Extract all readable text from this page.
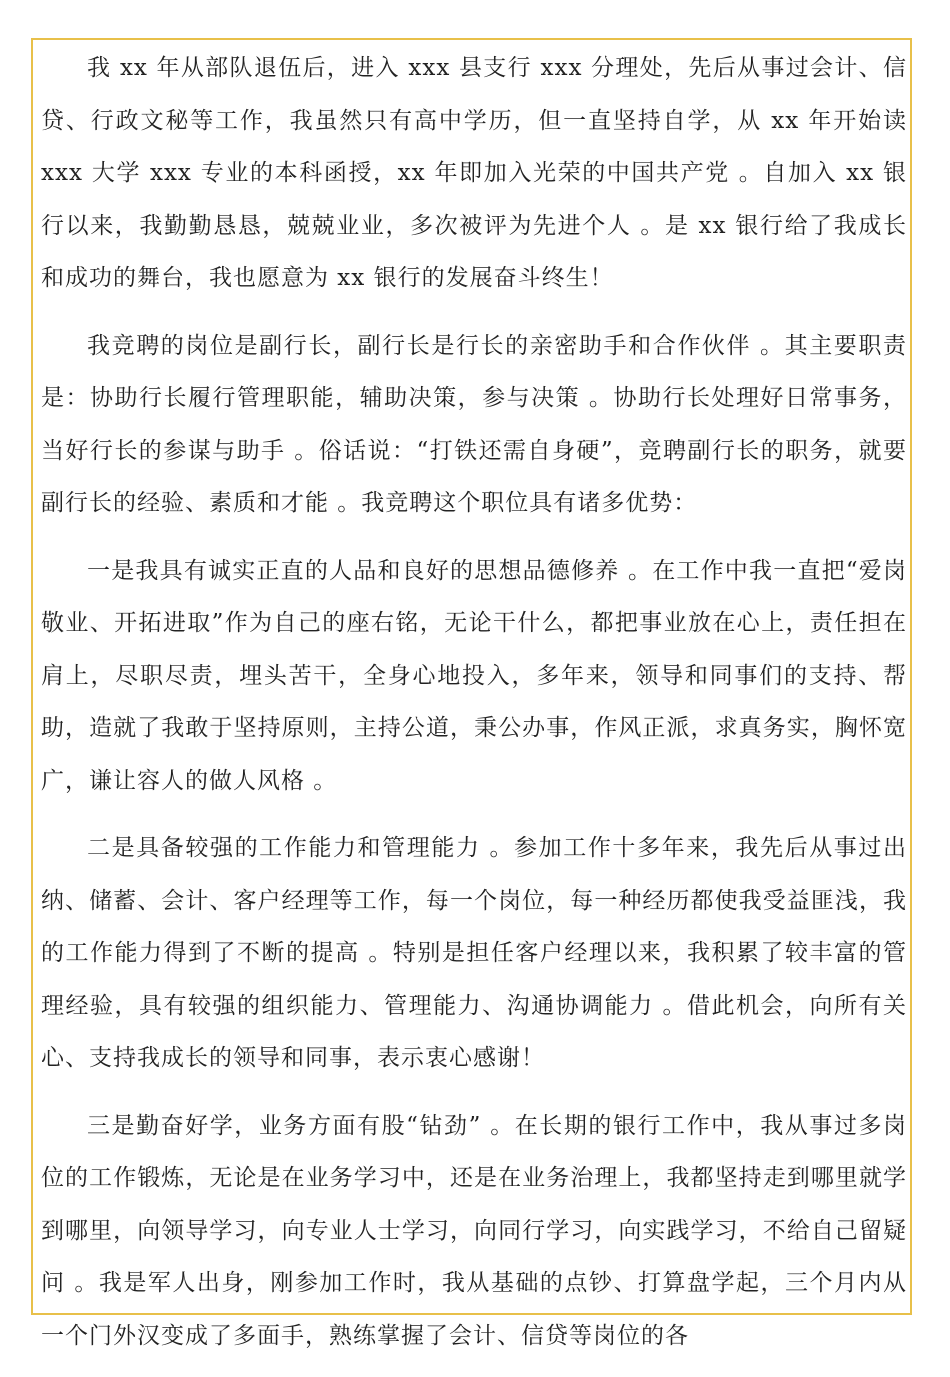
我 xx 年从部队退伍后，进入 xxx 县支行 xxx 分理处，先后从事过会计、信贷、行政文秘等工作，我虽然只有高中学历，但一直坚持自学，从 xx 年开始读 xxx 大学 xxx 专业的本科函授，xx 年即加入光荣的中国共产党 。自加入 xx 银行以来，我勤勤恳恳，兢兢业业，多次被评为先进个人 。是 xx 银行给了我成长和成功的舞台，我也愿意为 xx 银行的发展奋斗终生！

我竞聘的岗位是副行长，副行长是行长的亲密助手和合作伙伴 。其主要职责是：协助行长履行管理职能，辅助决策，参与决策 。协助行长处理好日常事务，当好行长的参谋与助手 。俗话说：“打铁还需自身硬”，竞聘副行长的职务，就要副行长的经验、素质和才能 。我竞聘这个职位具有诸多优势：

一是我具有诚实正直的人品和良好的思想品德修养 。在工作中我一直把“爱岗敬业、开拓进取”作为自己的座右铭，无论干什么，都把事业放在心上，责任担在肩上，尽职尽责，埋头苦干，全身心地投入，多年来，领导和同事们的支持、帮助，造就了我敢于坚持原则，主持公道，秉公办事，作风正派，求真务实，胸怀宽广，谦让容人的做人风格 。

二是具备较强的工作能力和管理能力 。参加工作十多年来，我先后从事过出纳、储蓄、会计、客户经理等工作，每一个岗位，每一种经历都使我受益匪浅，我的工作能力得到了不断的提高 。特别是担任客户经理以来，我积累了较丰富的管理经验，具有较强的组织能力、管理能力、沟通协调能力 。借此机会，向所有关心、支持我成长的领导和同事，表示衷心感谢！

三是勤奋好学，业务方面有股“钻劲” 。在长期的银行工作中，我从事过多岗位的工作锻炼，无论是在业务学习中，还是在业务治理上，我都坚持走到哪里就学到哪里，向领导学习，向专业人士学习，向同行学习，向实践学习，不给自己留疑问 。我是军人出身，刚参加工作时，我从基础的点钞、打算盘学起，三个月内从一个门外汉变成了多面手，熟练掌握了会计、信贷等岗位的各
